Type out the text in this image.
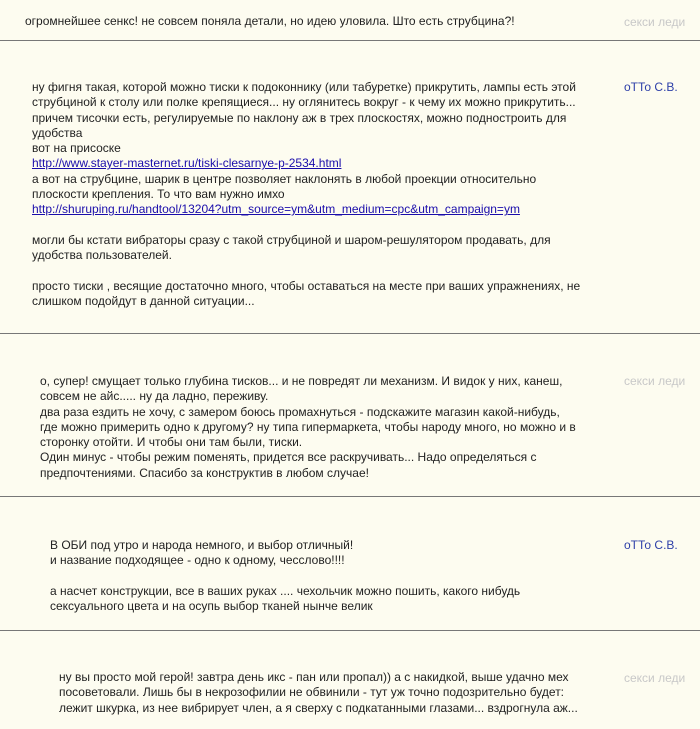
огромнейшее сенкс! не совсем поняла детали, но идею уловила. Што есть струбцина?!	секси леди
ну фигня такая, которой можно тиски к подоконнику (или табуретке) прикрутить, лампы есть этой
струбциной к столу или полке крепящиеся... ну оглянитесь вокруг - к чему их можно прикрутить...
причем тисочки есть, регулируемые по наклону аж в трех плоскостях, можно подностроить для
удобства
вот на присоске
http://www.stayer-masternet.ru/tiski-clesarnye-p-2534.html
а вот на струбцине, шарик в центре позволяет наклонять в любой проекции относительно
плоскости крепления. То что вам нужно имхо
http://shuruping.ru/handtool/13204?utm_source=ym&utm_medium=cpc&utm_campaign=ym
могли бы кстати вибраторы сразу с такой струбциной и шаром-решулятором продавать, для
удобства пользователей.
просто тиски , весящие достаточно много, чтобы оставаться на месте при ваших упражнениях, не
слишком подойдут в данной ситуации...
оТТо С.В.
о, супер! смущает только глубина тисков... и не повредят ли механизм. И видок у них, канеш,
совсем не айс..... ну да ладно, переживу.
два раза ездить не хочу, с замером боюсь промахнуться - подскажите магазин какой-нибудь,
где можно примерить одно к другому? ну типа гипермаркета, чтобы народу много, но можно и в
сторонку отойти. И чтобы они там были, тиски.
Один минус - чтобы режим поменять, придется все раскручивать... Надо определяться с
предпочтениями. Спасибо за конструктив в любом случае!
секси леди
В ОБИ под утро и народа немного, и выбор отличный!
и название подходящее - одно к одному, чесслово!!!!
а насчет конструкции, все в ваших руках .... чехольчик можно пошить, какого нибудь
сексуального цвета и на осупь выбор тканей нынче велик
оТТо С.В.
ну вы просто мой герой! завтра день икс - пан или пропал)) а с накидкой, выше удачно мех
посоветовали. Лишь бы в некрозофилии не обвинили - тут уж точно подозрительно будет:
лежит шкурка, из нее вибрирует член, а я сверху с подкатанными глазами... вздрогнула аж...
секси леди
